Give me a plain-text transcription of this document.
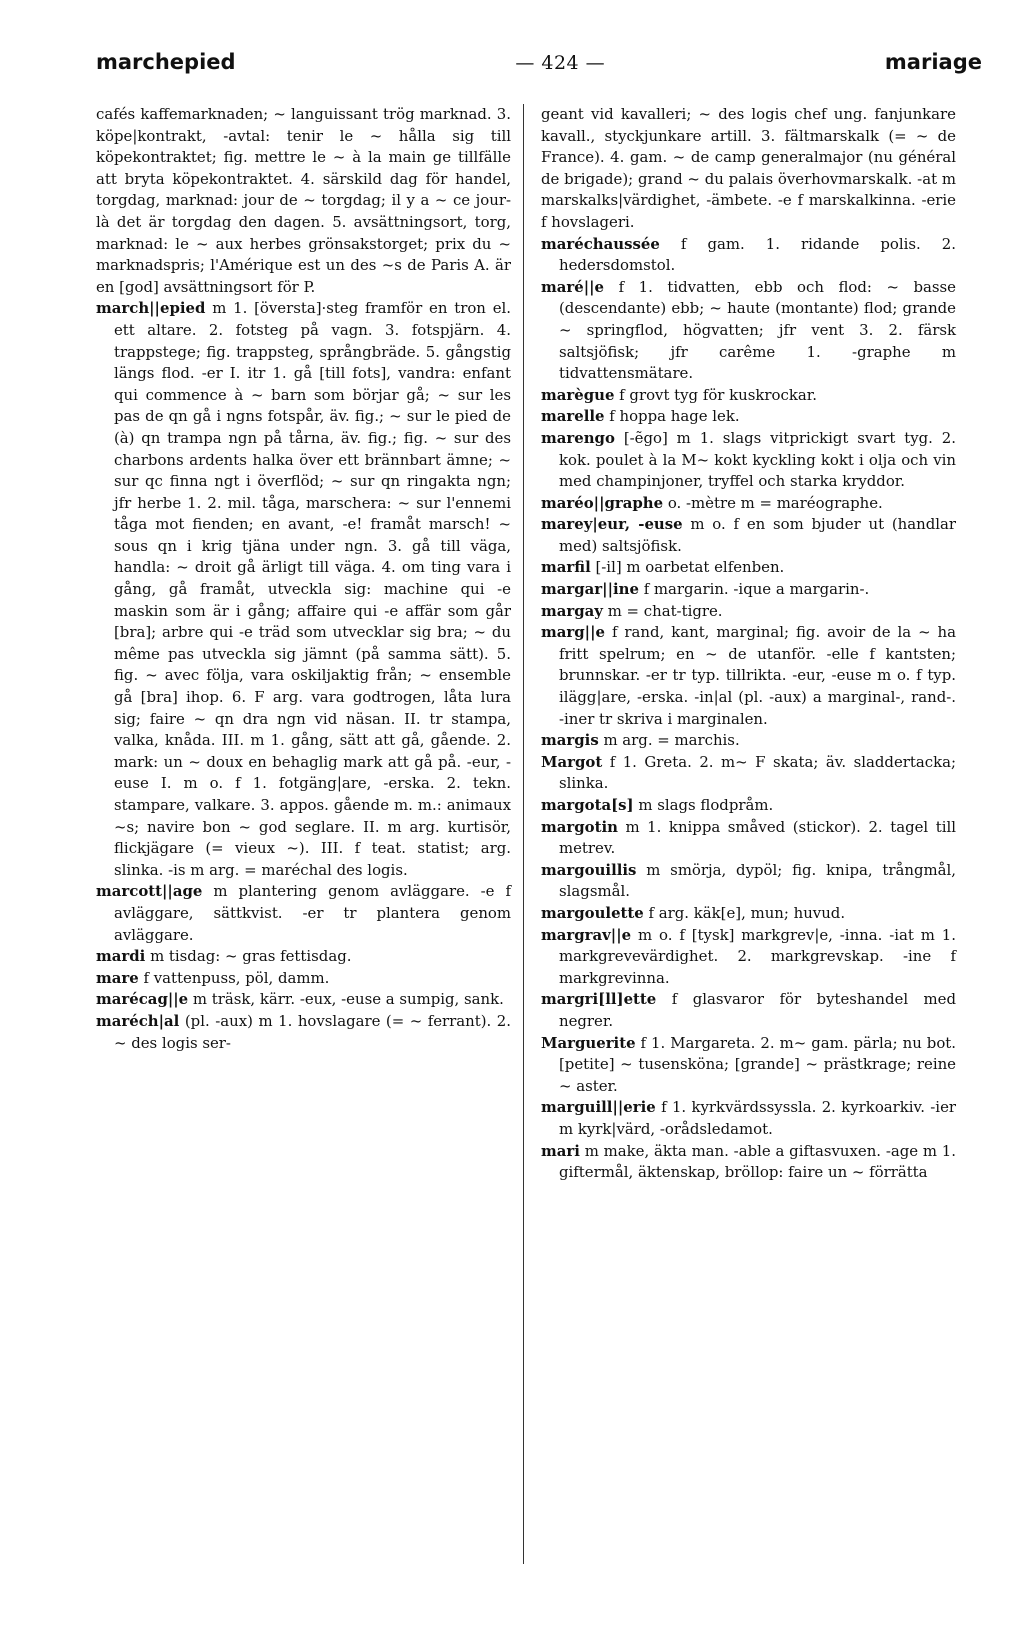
marchepied	— 424 —	mariage

cafés kaffemarknaden; ~ languissant trög marknad. 3. köpe|kontrakt, -avtal: tenir le ~ hålla sig till köpekontraktet; fig. mettre le ~ à la main ge tillfälle att bryta köpekontraktet. 4. särskild dag för handel, torgdag, marknad: jour de ~ torgdag; il y a ~ ce jour-là det är torgdag den dagen. 5. avsättningsort, torg, marknad: le ~ aux herbes grönsakstorget; prix du ~ marknadspris; l'Amérique est un des ~s de Paris A. är en [god] avsättningsort för P.

march||epied m 1. [översta]·steg framför en tron el. ett altare. 2. fotsteg på vagn. 3. fotspjärn. 4. trappstege; fig. trappsteg, språngbräde. 5. gångstig längs flod. -er I. itr 1. gå [till fots], vandra: enfant qui commence à ~ barn som börjar gå; ~ sur les pas de qn gå i ngns fotspår, äv. fig.; ~ sur le pied de (à) qn trampa ngn på tårna, äv. fig.; fig. ~ sur des charbons ardents halka över ett brännbart ämne; ~ sur qc finna ngt i överflöd; ~ sur qn ringakta ngn; jfr herbe 1. 2. mil. tåga, marschera: ~ sur l'ennemi tåga mot fienden; en avant, -e! framåt marsch! ~ sous qn i krig tjäna under ngn. 3. gå till väga, handla: ~ droit gå ärligt till väga. 4. om ting vara i gång, gå framåt, utveckla sig: machine qui -e maskin som är i gång; affaire qui -e affär som går [bra]; arbre qui -e träd som utvecklar sig bra; ~ du même pas utveckla sig jämnt (på samma sätt). 5. fig. ~ avec följa, vara oskiljaktig från; ~ ensemble gå [bra] ihop. 6. F arg. vara godtrogen, låta lura sig; faire ~ qn dra ngn vid näsan. II. tr stampa, valka, knåda. III. m 1. gång, sätt att gå, gående. 2. mark: un ~ doux en behaglig mark att gå på. -eur, -euse I. m o. f 1. fotgäng|are, -erska. 2. tekn. stampare, valkare. 3. appos. gående m. m.: animaux ~s; navire bon ~ god seglare. II. m arg. kurtisör, flickjägare (= vieux ~). III. f teat. statist; arg. slinka. -is m arg. = maréchal des logis.

marcott||age m plantering genom avläggare. -e f avläggare, sättkvist. -er tr plantera genom avläggare.

mardi m tisdag: ~ gras fettisdag.

mare f vattenpuss, pöl, damm.

marécag||e m träsk, kärr. -eux, -euse a sumpig, sank.

maréch|al (pl. -aux) m 1. hovslagare (= ~ ferrant). 2. ~ des logis ser-

geant vid kavalleri; ~ des logis chef ung. fanjunkare kavall., styckjunkare artill. 3. fältmarskalk (= ~ de France). 4. gam. ~ de camp generalmajor (nu général de brigade); grand ~ du palais överhovmarskalk. -at m marskalks|värdighet, -ämbete. -e f marskalkinna. -erie f hovslageri.

maréchaussée f gam. 1. ridande polis. 2. hedersdomstol.

maré||e f 1. tidvatten, ebb och flod: ~ basse (descendante) ebb; ~ haute (montante) flod; grande ~ springflod, högvatten; jfr vent 3. 2. färsk saltsjöfisk; jfr carême 1. -graphe m tidvattensmätare.

marègue f grovt tyg för kuskrockar.

marelle f hoppa hage lek.

marengo [-ẽgo] m 1. slags vitprickigt svart tyg. 2. kok. poulet à la M~ kokt kyckling kokt i olja och vin med champinjoner, tryffel och starka kryddor.

maréo||graphe o. -mètre m = maréographe.

marey|eur, -euse m o. f en som bjuder ut (handlar med) saltsjöfisk.

marfil [-il] m oarbetat elfenben.

margar||ine f margarin. -ique a margarin-.

margay m = chat-tigre.

marg||e f rand, kant, marginal; fig. avoir de la ~ ha fritt spelrum; en ~ de utanför. -elle f kantsten; brunnskar. -er tr typ. tillrikta. -eur, -euse m o. f typ. ilägg|are, -erska. -in|al (pl. -aux) a marginal-, rand-. -iner tr skriva i marginalen.

margis m arg. = marchis.

Margot f 1. Greta. 2. m~ F skata; äv. sladdertacka; slinka.

margota[s] m slags flodpråm.

margotin m 1. knippa småved (stickor). 2. tagel till metrev.

margouillis m smörja, dypöl; fig. knipa, trångmål, slagsmål.

margoulette f arg. käk[e], mun; huvud.

margrav||e m o. f [tysk] markgrev|e, -inna. -iat m 1. markgrevevärdighet. 2. markgrevskap. -ine f markgrevinna.

margri[ll]ette f glasvaror för byteshandel med negrer.

Marguerite f 1. Margareta. 2. m~ gam. pärla; nu bot. [petite] ~ tusensköna; [grande] ~ prästkrage; reine ~ aster.

marguill||erie f 1. kyrkvärdssyssla. 2. kyrkoarkiv. -ier m kyrk|värd, -orådsledamot.

mari m make, äkta man. -able a giftasvuxen. -age m 1. giftermål, äktenskap, bröllop: faire un ~ förrätta
